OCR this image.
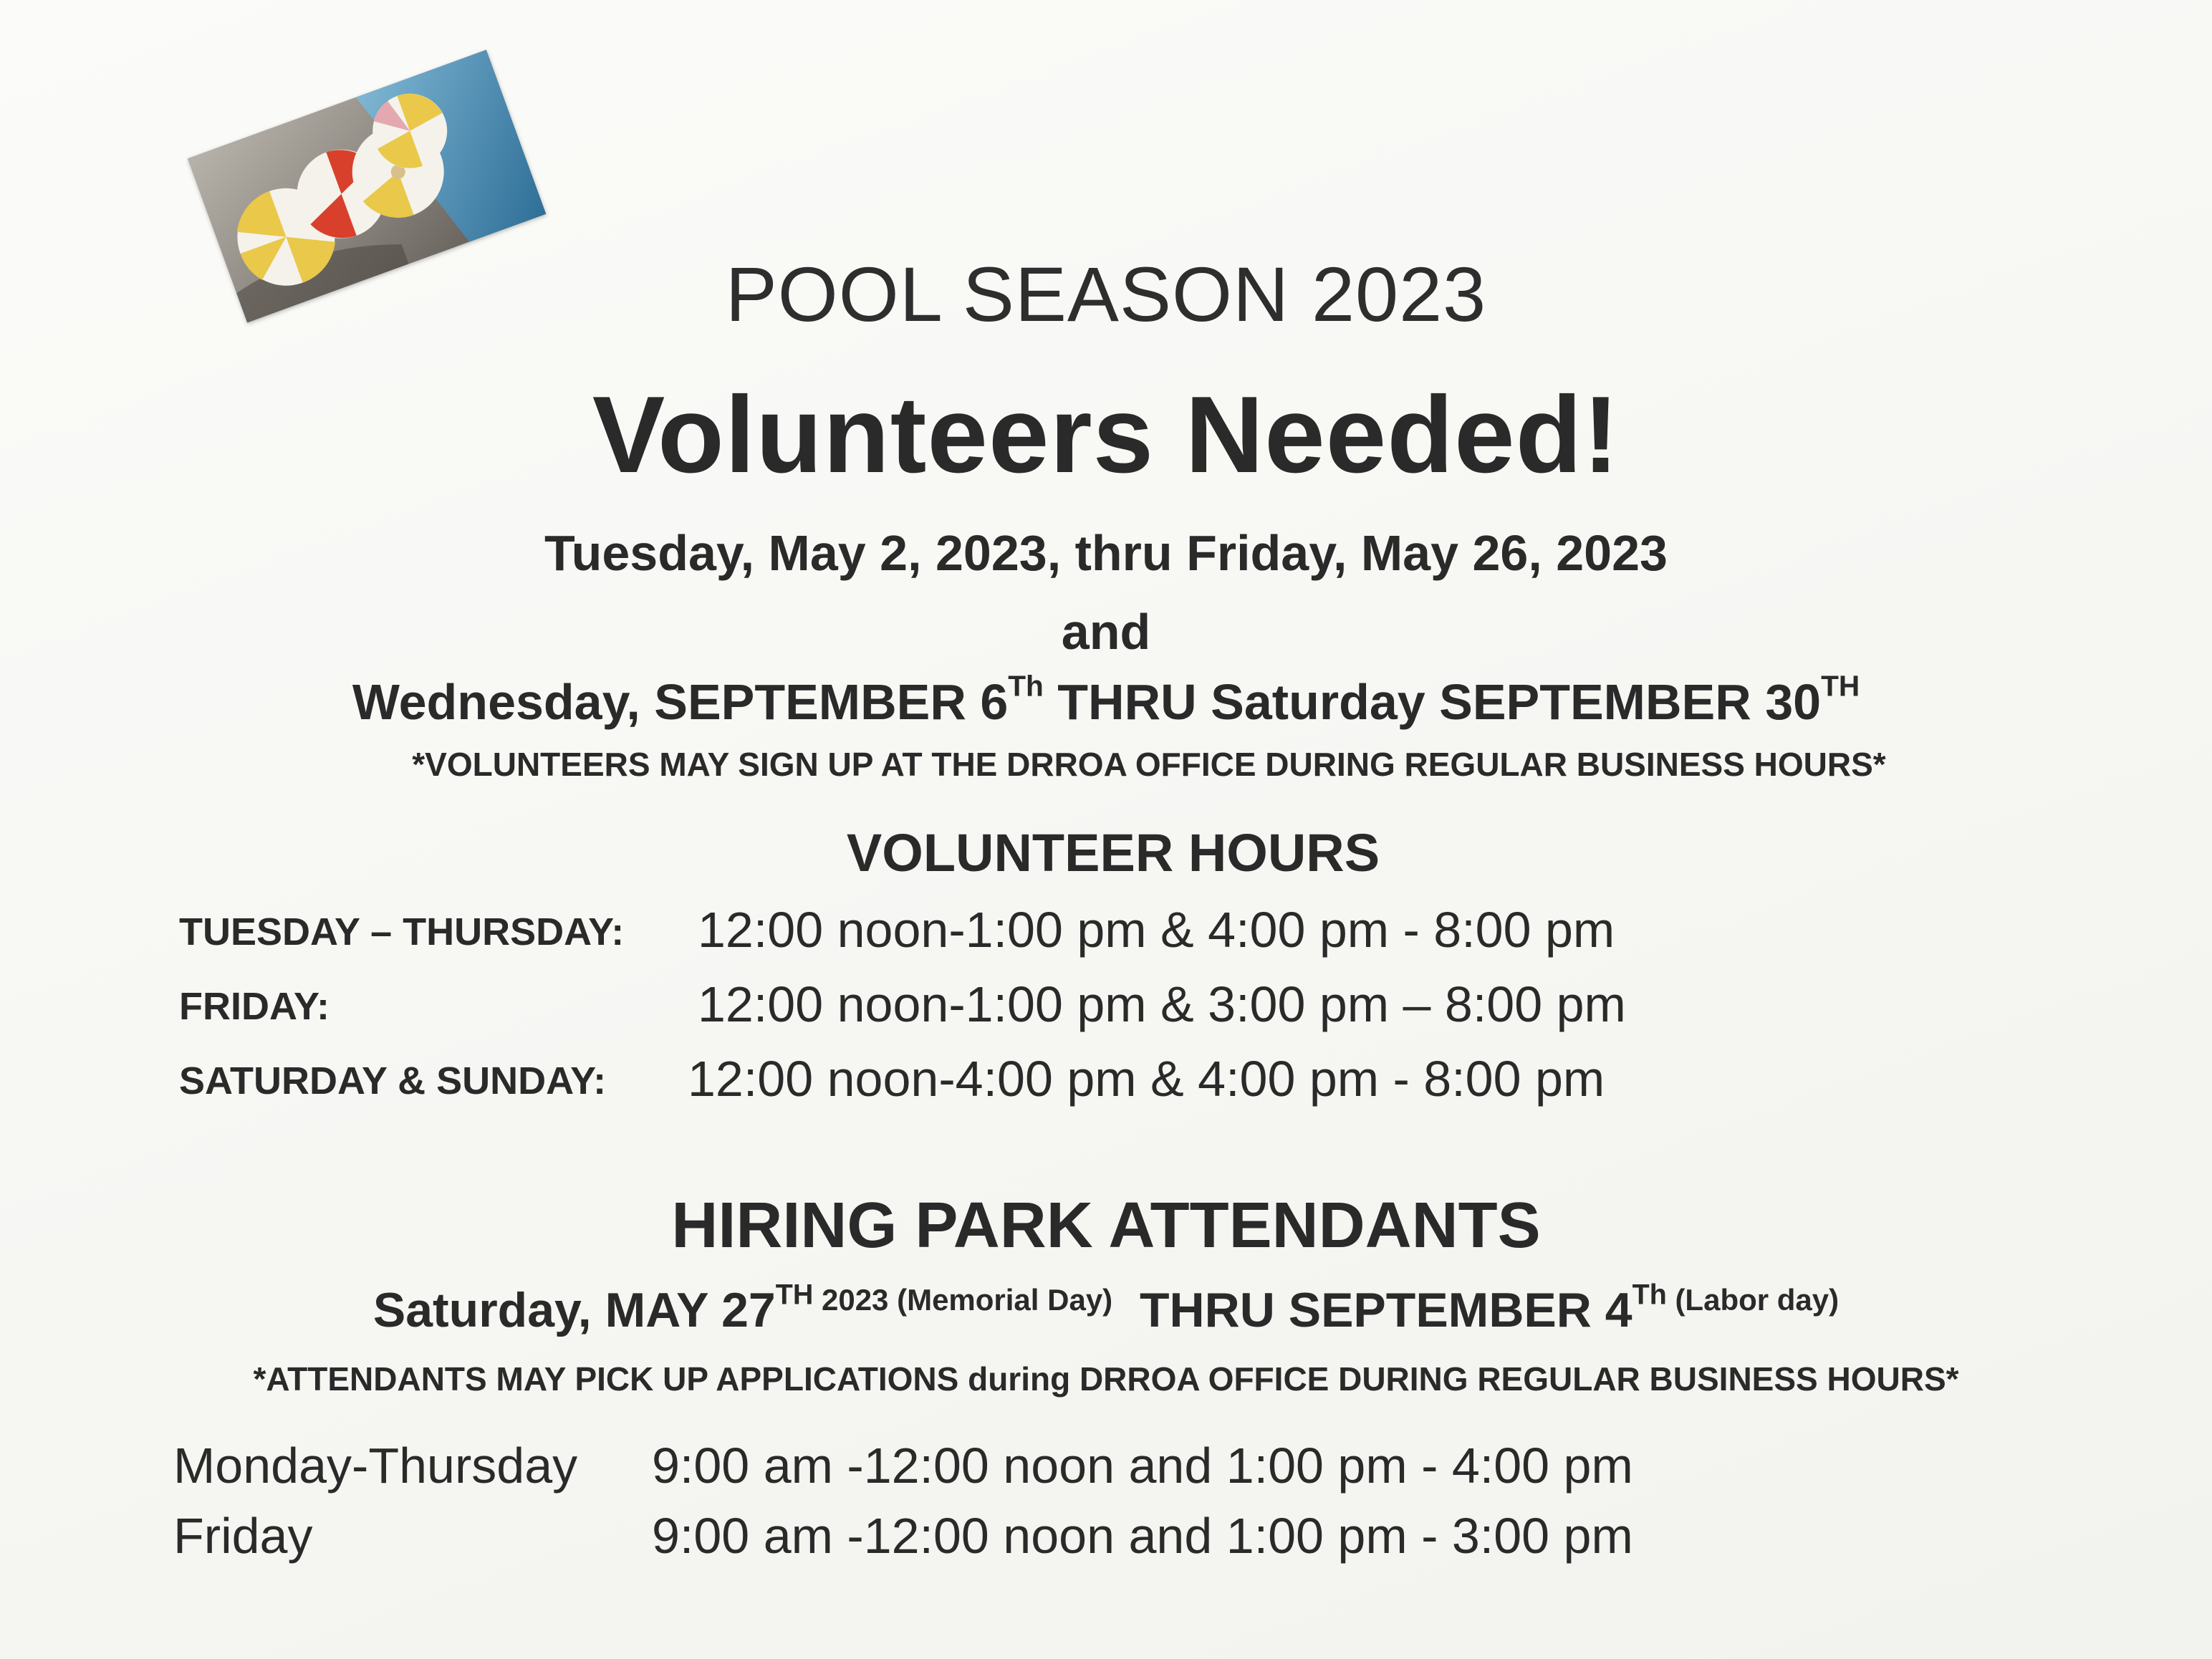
POOL SEASON 2023
Volunteers Needed!
Tuesday, May 2, 2023, thru Friday, May 26, 2023
and
Wednesday, SEPTEMBER 6Th THRU Saturday SEPTEMBER 30TH
*VOLUNTEERS MAY SIGN UP AT THE DRROA OFFICE DURING REGULAR BUSINESS HOURS*
VOLUNTEER HOURS
TUESDAY – THURSDAY: 12:00 noon-1:00 pm & 4:00 pm - 8:00 pm
FRIDAY:	12:00 noon-1:00 pm & 3:00 pm – 8:00 pm
SATURDAY & SUNDAY: 12:00 noon-4:00 pm & 4:00 pm - 8:00 pm
HIRING PARK ATTENDANTS
Saturday, MAY 27TH $^{2023}$ $^{(Memorial Day)}$ THRU SEPTEMBER 4Th $^{(Labor day)}$
*ATTENDANTS MAY PICK UP APPLICATIONS during DRROA OFFICE DURING REGULAR BUSINESS HOURS*
Monday-Thursday 9:00 am -12:00 noon and 1:00 pm - 4:00 pm
Friday	9:00 am -12:00 noon and 1:00 pm - 3:00 pm
